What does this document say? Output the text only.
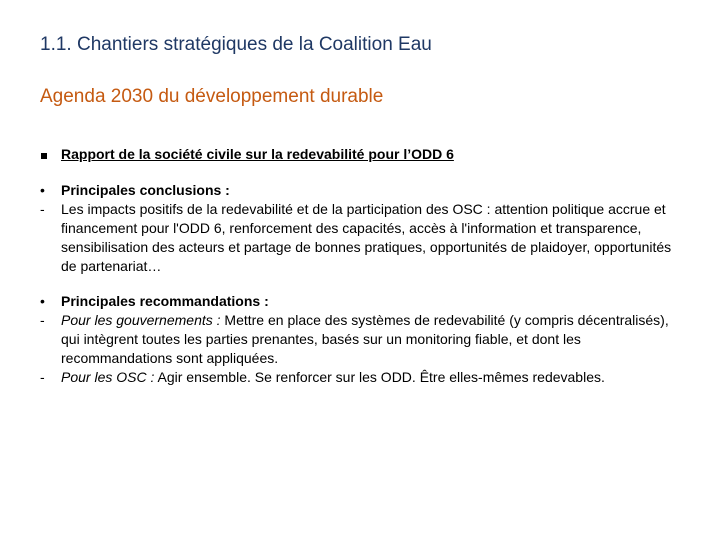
1.1. Chantiers stratégiques de la Coalition Eau
Agenda 2030 du développement durable
Rapport de la société civile sur la redevabilité pour l’ODD 6
•	Principales conclusions :
-	Les impacts positifs de la redevabilité et de la participation des OSC : attention politique accrue et financement pour l'ODD 6, renforcement des capacités, accès à l'information et transparence, sensibilisation des acteurs et partage de bonnes pratiques, opportunités de plaidoyer, opportunités de partenariat…
•	Principales recommandations :
-	Pour les gouvernements : Mettre en place des systèmes de redevabilité (y compris décentralisés), qui intègrent toutes les parties prenantes, basés sur un monitoring fiable, et dont les recommandations sont appliquées.
-	Pour les OSC : Agir ensemble. Se renforcer sur les ODD. Être elles-mêmes redevables.
